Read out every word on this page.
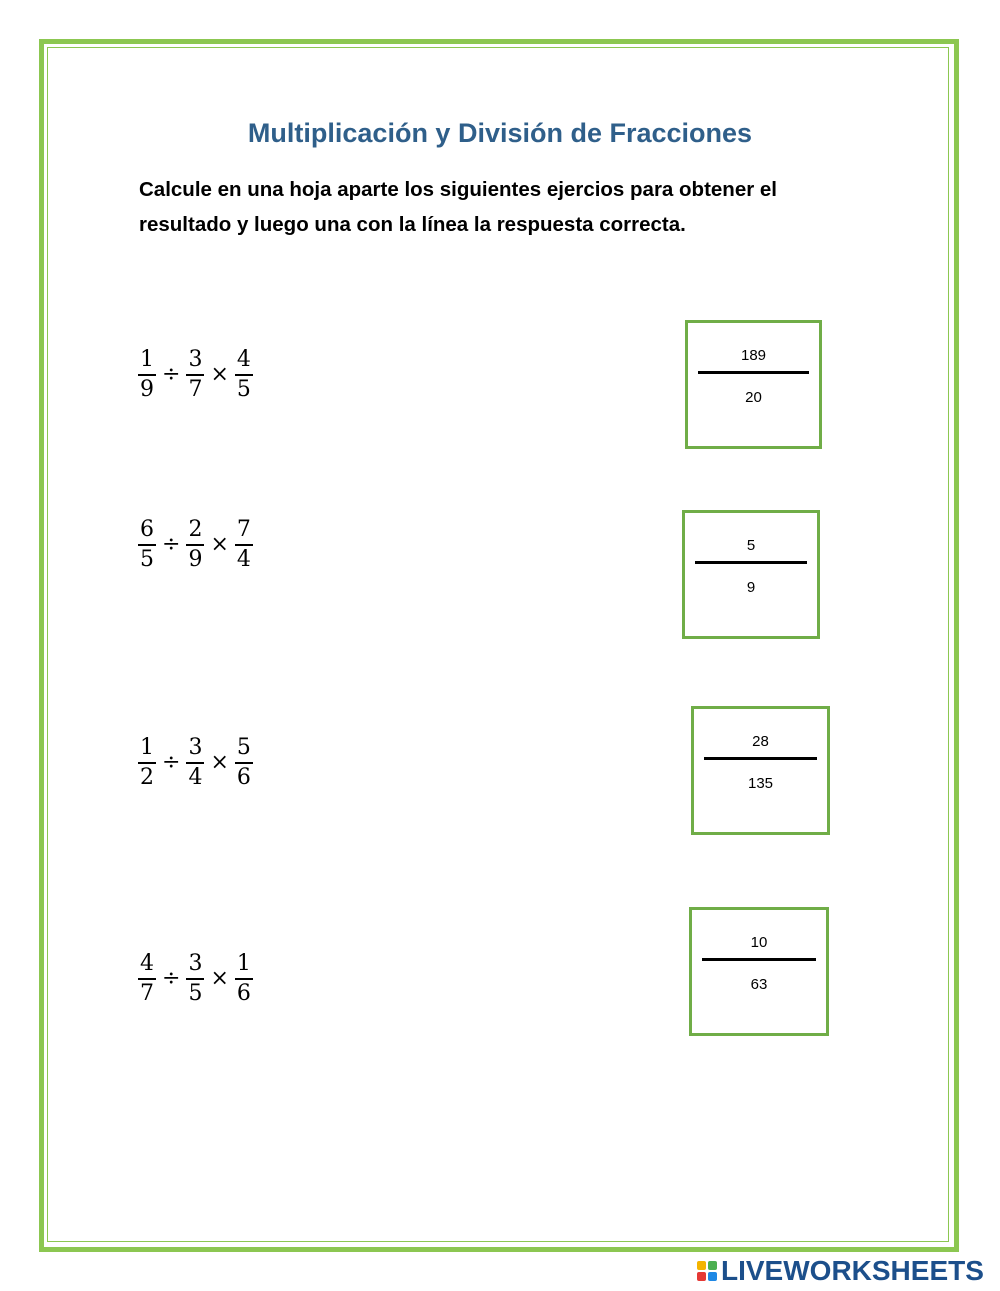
Multiplicación y División de Fracciones
Calcule en una hoja aparte los siguientes ejercios para obtener el
resultado y luego una con la línea la respuesta correcta.
$\frac{1}{9} \div \frac{3}{7} \times \frac{4}{5}$
$\frac{6}{5} \div \frac{2}{9} \times \frac{7}{4}$
$\frac{1}{2} \div \frac{3}{4} \times \frac{5}{6}$
$\frac{4}{7} \div \frac{3}{5} \times \frac{1}{6}$
189
20
5
9
28
135
10
63
LIVEWORKSHEETS
